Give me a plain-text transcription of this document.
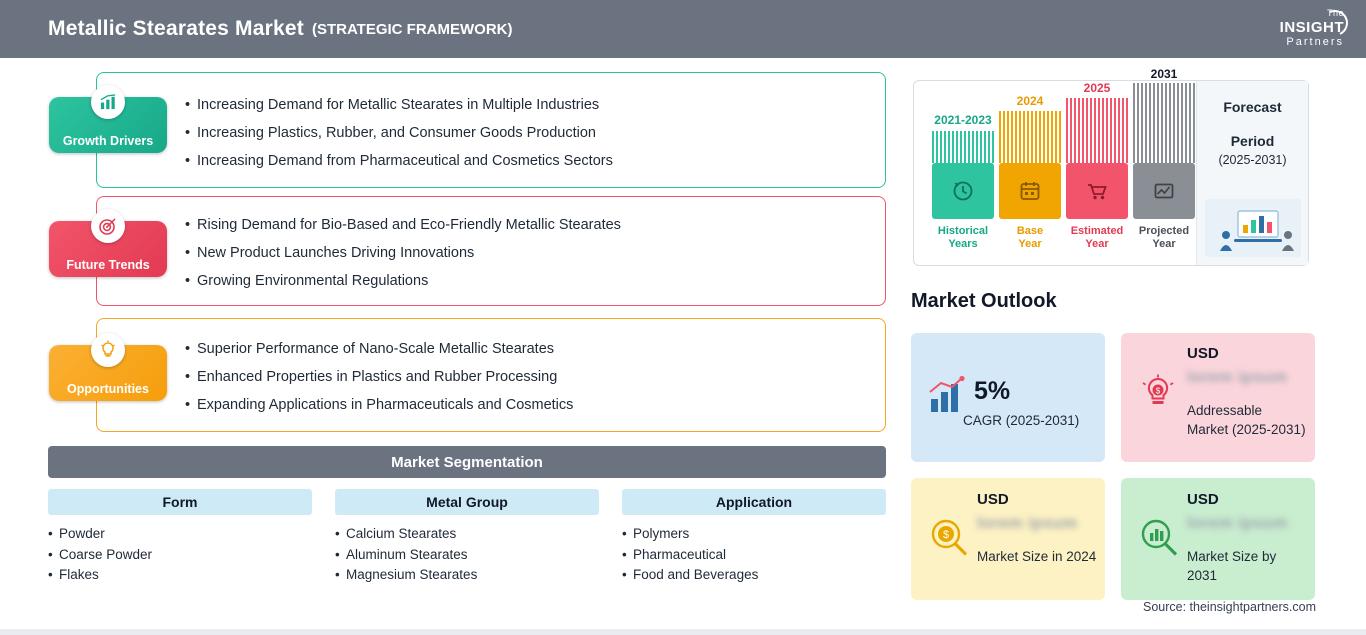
Metallic Stearates Market (STRATEGIC FRAMEWORK)
The
INSIGHT
Partners
• Increasing Demand for Metallic Stearates in Multiple Industries
• Increasing Plastics, Rubber, and Consumer Goods Production
• Increasing Demand from Pharmaceutical and Cosmetics Sectors
Growth Drivers
• Rising Demand for Bio-Based and Eco-Friendly Metallic Stearates
• New Product Launches Driving Innovations
• Growing Environmental Regulations
Future Trends
• Superior Performance of Nano-Scale Metallic Stearates
• Enhanced Properties in Plastics and Rubber Processing
• Expanding Applications in Pharmaceuticals and Cosmetics
Opportunities
Market Segmentation
Form
• Powder
• Coarse Powder
• Flakes
Metal Group
• Calcium Stearates
• Aluminum Stearates
• Magnesium Stearates
Application
• Polymers
• Pharmaceutical
• Food and Beverages
2021-2023
Historical
Years
2024
Base
Year
2025
Estimated
Year
2031
Projected
Year
Forecast
Period
(2025-2031)
Market Outlook
5%
CAGR (2025-2031)
$
USD
lorem ipsum
Addressable Market (2025-2031)
$
USD
lorem ipsum
Market Size in 2024
USD
lorem ipsum
Market Size by 2031
Source: theinsightpartners.com
